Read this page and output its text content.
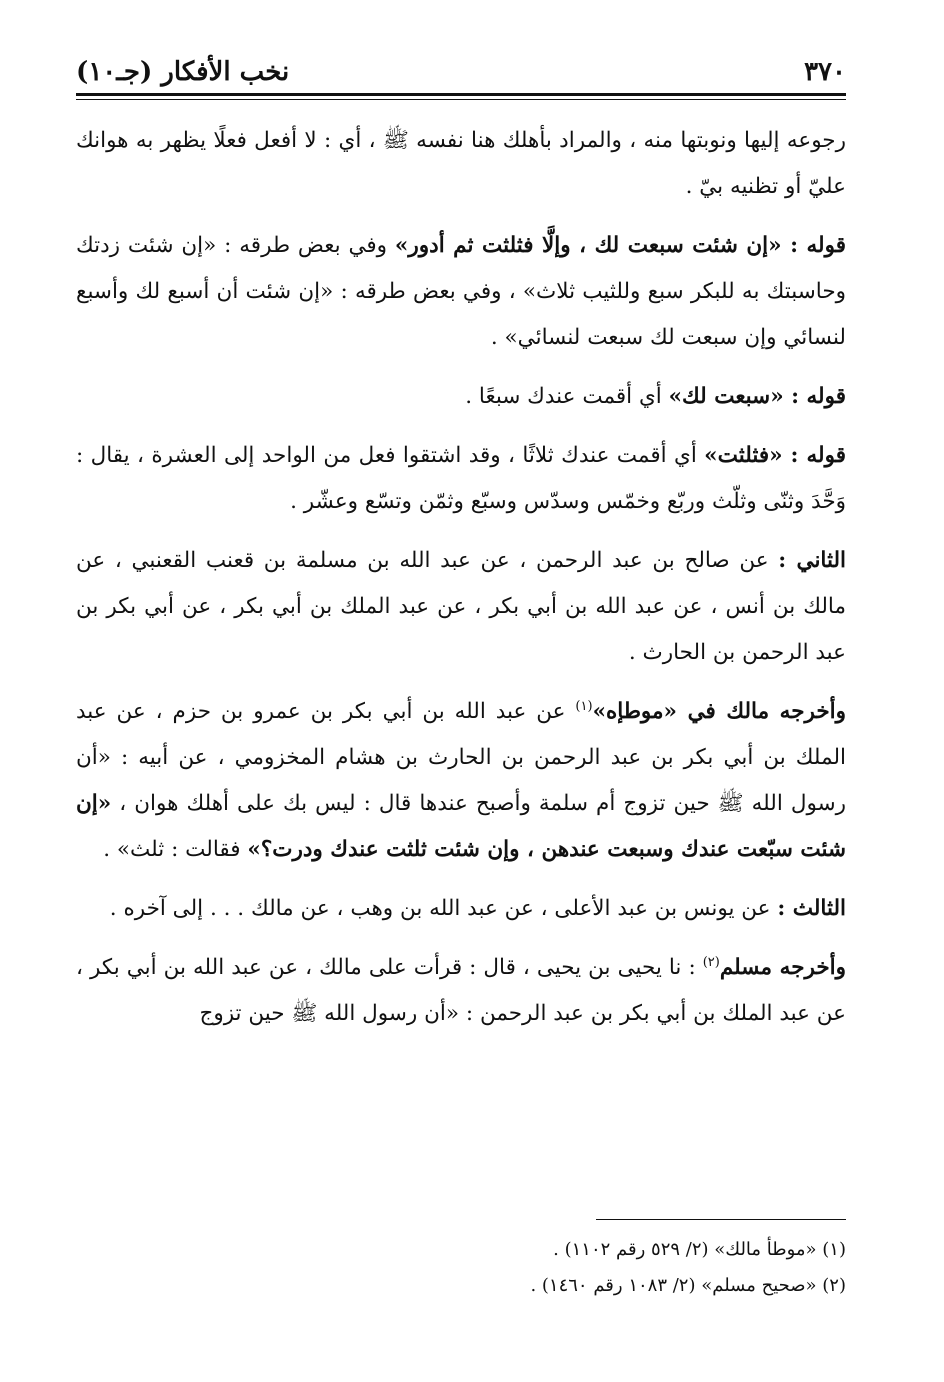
٣٧٠
نخب الأفكار (جـ١٠)

رجوعه إليها ونوبتها منه ، والمراد بأهلك هنا نفسه ﷺ ، أي : لا أفعل فعلًا يظهر به هوانك عليّ أو تظنيه بيّ .

قوله : «إن شئت سبعت لك ، وإلَّا فثلثت ثم أدور» وفي بعض طرقه : «إن شئت زدتك وحاسبتك به للبكر سبع وللثيب ثلاث» ، وفي بعض طرقه : «إن شئت أن أسبع لك وأسبع لنسائي وإن سبعت لك سبعت لنسائي» .

قوله : «سبعت لك» أي أقمت عندك سبعًا .

قوله : «فثلثت» أي أقمت عندك ثلاثًا ، وقد اشتقوا فعل من الواحد إلى العشرة ، يقال : وَحَّدَ وثنّى وثلّث وربّع وخمّس وسدّس وسبّع وثمّن وتسّع وعشّر .

الثاني : عن صالح بن عبد الرحمن ، عن عبد الله بن مسلمة بن قعنب القعنبي ، عن مالك بن أنس ، عن عبد الله بن أبي بكر ، عن عبد الملك بن أبي بكر ، عن أبي بكر بن عبد الرحمن بن الحارث .

وأخرجه مالك في «موطإه»$^{(١)}$ عن عبد الله بن أبي بكر بن عمرو بن حزم ، عن عبد الملك بن أبي بكر بن عبد الرحمن بن الحارث بن هشام المخزومي ، عن أبيه : «أن رسول الله ﷺ حين تزوج أم سلمة وأصبح عندها قال : ليس بك على أهلك هوان ، «إن شئت سبّعت عندك وسبعت عندهن ، وإن شئت ثلثت عندك ودرت؟» فقالت : ثلث» .

الثالث : عن يونس بن عبد الأعلى ، عن عبد الله بن وهب ، عن مالك . . . إلى آخره .

وأخرجه مسلم$^{(٢)}$ : نا يحيى بن يحيى ، قال : قرأت على مالك ، عن عبد الله بن أبي بكر ، عن عبد الملك بن أبي بكر بن عبد الرحمن : «أن رسول الله ﷺ حين تزوج

(١) «موطأ مالك» (٢/ ٥٢٩ رقم ١١٠٢) .
(٢) «صحيح مسلم» (٢/ ١٠٨٣ رقم ١٤٦٠) .
